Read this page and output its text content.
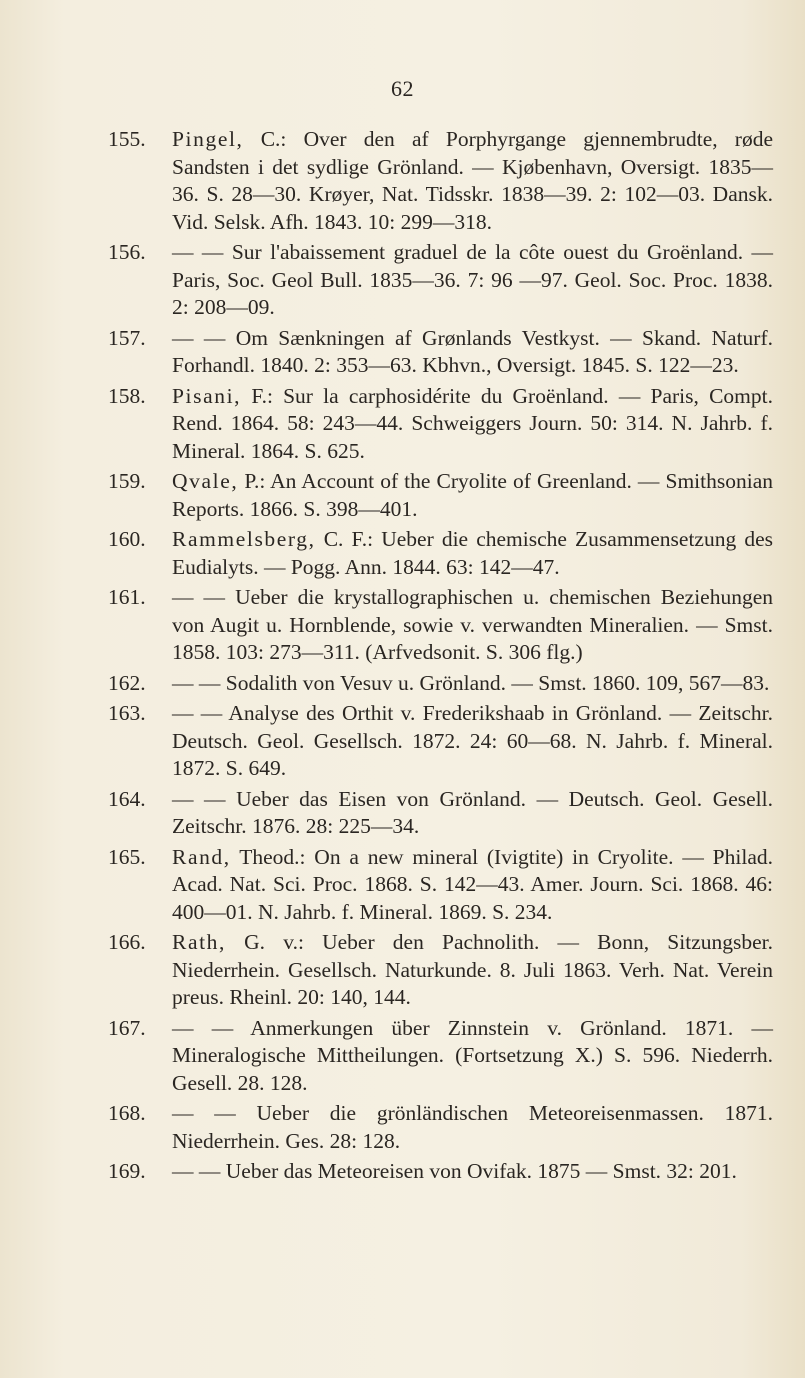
62
155.	Pingel, C.: Over den af Porphyrgange gjennembrudte, røde Sandsten i det sydlige Grönland. — Kjøbenhavn, Oversigt. 1835—36. S. 28—30. Krøyer, Nat. Tidsskr. 1838—39. 2: 102—03. Dansk. Vid. Selsk. Afh. 1843. 10: 299—318.
156.	— — Sur l'abaissement graduel de la côte ouest du Groënland. — Paris, Soc. Geol Bull. 1835—36. 7: 96 —97. Geol. Soc. Proc. 1838. 2: 208—09.
157.	— — Om Sænkningen af Grønlands Vestkyst. — Skand. Naturf. Forhandl. 1840. 2: 353—63. Kbhvn., Oversigt. 1845. S. 122—23.
158.	Pisani, F.: Sur la carphosidérite du Groënland. — Paris, Compt. Rend. 1864. 58: 243—44. Schweiggers Journ. 50: 314. N. Jahrb. f. Mineral. 1864. S. 625.
159.	Qvale, P.: An Account of the Cryolite of Greenland. — Smithsonian Reports. 1866. S. 398—401.
160.	Rammelsberg, C. F.: Ueber die chemische Zusammensetzung des Eudialyts. — Pogg. Ann. 1844. 63: 142—47.
161.	— — Ueber die krystallographischen u. chemischen Beziehungen von Augit u. Hornblende, sowie v. verwandten Mineralien. — Smst. 1858. 103: 273—311. (Arfvedsonit. S. 306 flg.)
162.	— — Sodalith von Vesuv u. Grönland. — Smst. 1860. 109, 567—83.
163.	— — Analyse des Orthit v. Frederikshaab in Grönland. — Zeitschr. Deutsch. Geol. Gesellsch. 1872. 24: 60—68. N. Jahrb. f. Mineral. 1872. S. 649.
164.	— — Ueber das Eisen von Grönland. — Deutsch. Geol. Gesell. Zeitschr. 1876. 28: 225—34.
165.	Rand, Theod.: On a new mineral (Ivigtite) in Cryolite. — Philad. Acad. Nat. Sci. Proc. 1868. S. 142—43. Amer. Journ. Sci. 1868. 46: 400—01. N. Jahrb. f. Mineral. 1869. S. 234.
166.	Rath, G. v.: Ueber den Pachnolith. — Bonn, Sitzungsber. Niederrhein. Gesellsch. Naturkunde. 8. Juli 1863. Verh. Nat. Verein preus. Rheinl. 20: 140, 144.
167.	— — Anmerkungen über Zinnstein v. Grönland. 1871. — Mineralogische Mittheilungen. (Fortsetzung X.) S. 596. Niederrh. Gesell. 28. 128.
168.	— — Ueber die grönländischen Meteoreisenmassen. 1871. Niederrhein. Ges. 28: 128.
169.	— — Ueber das Meteoreisen von Ovifak. 1875 — Smst. 32: 201.
